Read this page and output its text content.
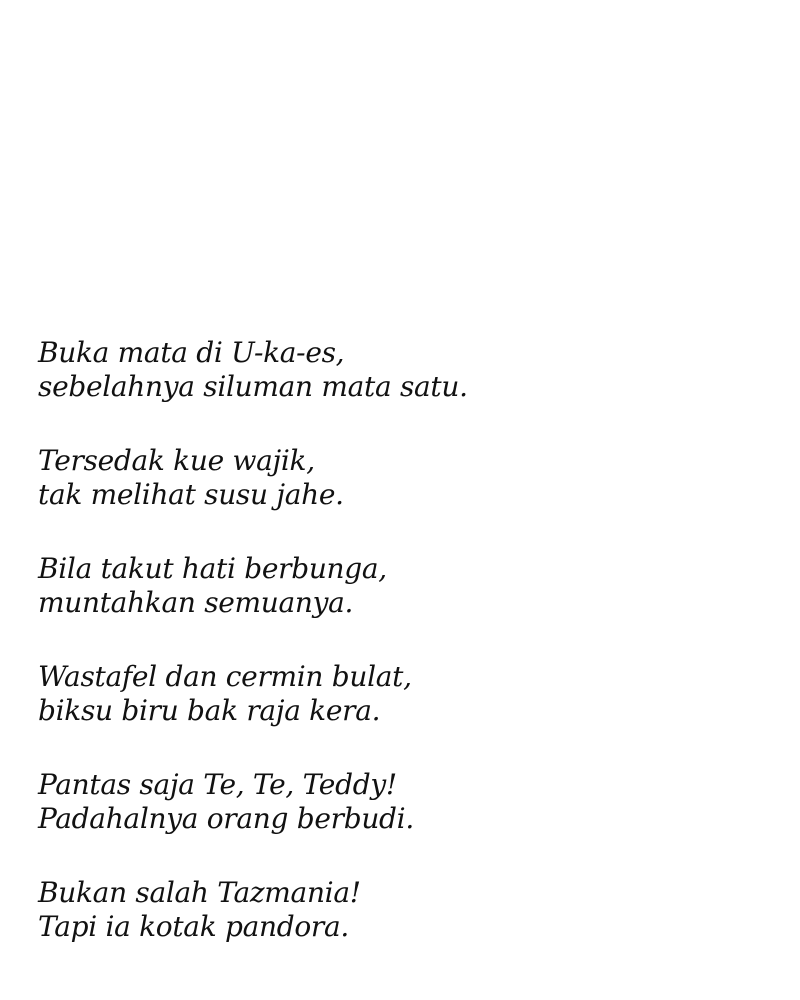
Buka mata di U-ka-es,
sebelahnya siluman mata satu.
Tersedak kue wajik,
tak melihat susu jahe.
Bila takut hati berbunga,
muntahkan semuanya.
Wastafel dan cermin bulat,
biksu biru bak raja kera.
Pantas saja Te, Te, Teddy!
Padahalnya orang berbudi.
Bukan salah Tazmania!
Tapi ia kotak pandora.
